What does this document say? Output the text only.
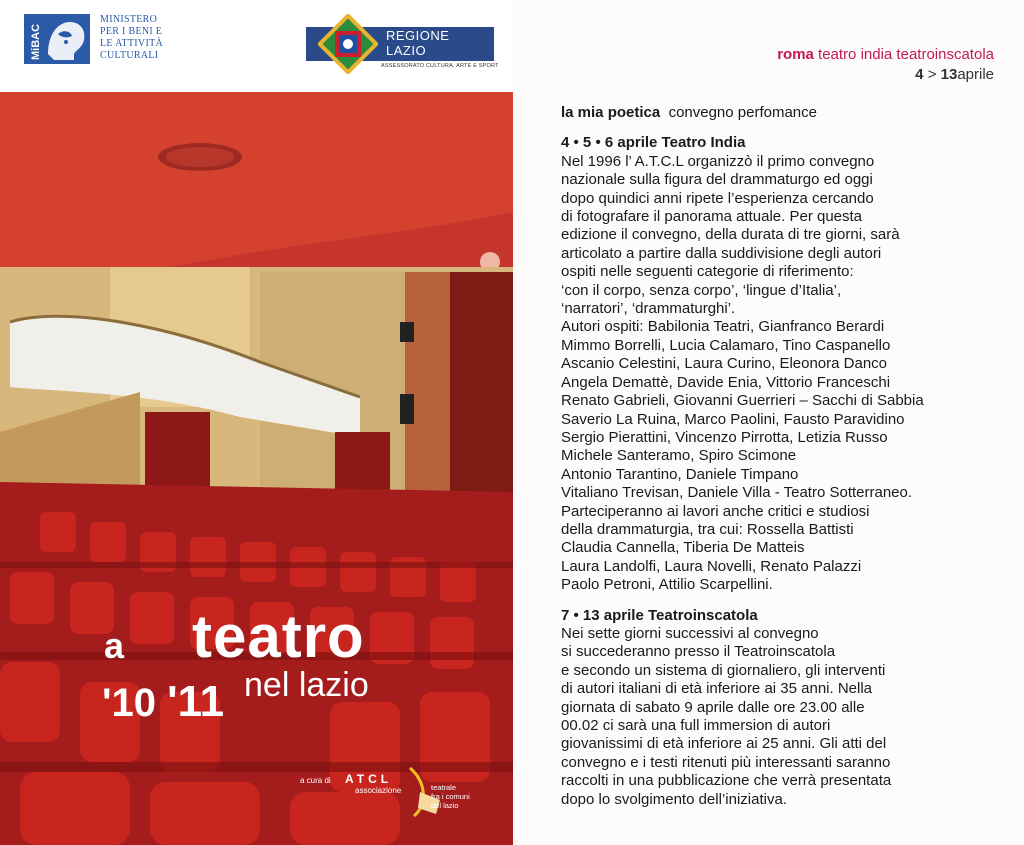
MiBAC
MINISTERO
PER I BENI E
LE ATTIVITÀ
CULTURALI
REGIONE
LAZIO
ASSESSORATO CULTURA, ARTE E SPORT
a teatro
'10 '11 nel lazio
a cura di ATCL
associazione	teatrale
fra i comuni
del lazio
roma teatro india teatroinscatola
4 > 13aprile
la mia poetica convegno perfomance
4 • 5 • 6 aprile Teatro India
Nel 1996 l’ A.T.C.L organizzò il primo convegno
nazionale sulla figura del drammaturgo ed oggi
dopo quindici anni ripete l’esperienza cercando
di fotografare il panorama attuale. Per questa
edizione il convegno, della durata di tre giorni, sarà
articolato a partire dalla suddivisione degli autori
ospiti nelle seguenti categorie di riferimento:
‘con il corpo, senza corpo’, ‘lingue d’Italia’,
‘narratori’, ‘drammaturghi’.
Autori ospiti: Babilonia Teatri, Gianfranco Berardi
Mimmo Borrelli, Lucia Calamaro, Tino Caspanello
Ascanio Celestini, Laura Curino, Eleonora Danco
Angela Demattè, Davide Enia, Vittorio Franceschi
Renato Gabrieli, Giovanni Guerrieri – Sacchi di Sabbia
Saverio La Ruina, Marco Paolini, Fausto Paravidino
Sergio Pierattini, Vincenzo Pirrotta, Letizia Russo
Michele Santeramo, Spiro Scimone
Antonio Tarantino, Daniele Timpano
Vitaliano Trevisan, Daniele Villa - Teatro Sotterraneo.
Parteciperanno ai lavori anche critici e studiosi
della drammaturgia, tra cui: Rossella Battisti
Claudia Cannella, Tiberia De Matteis
Laura Landolfi, Laura Novelli, Renato Palazzi
Paolo Petroni, Attilio Scarpellini.
7 • 13 aprile Teatroinscatola
Nei sette giorni successivi al convegno
si succederanno presso il Teatroinscatola
e secondo un sistema di giornaliero, gli interventi
di autori italiani di età inferiore ai 35 anni. Nella
giornata di sabato 9 aprile dalle ore 23.00 alle
00.02 ci sarà una full immersion di autori
giovanissimi di età inferiore ai 25 anni. Gli atti del
convegno e i testi ritenuti più interessanti saranno
raccolti in una pubblicazione che verrà presentata
dopo lo svolgimento dell’iniziativa.
